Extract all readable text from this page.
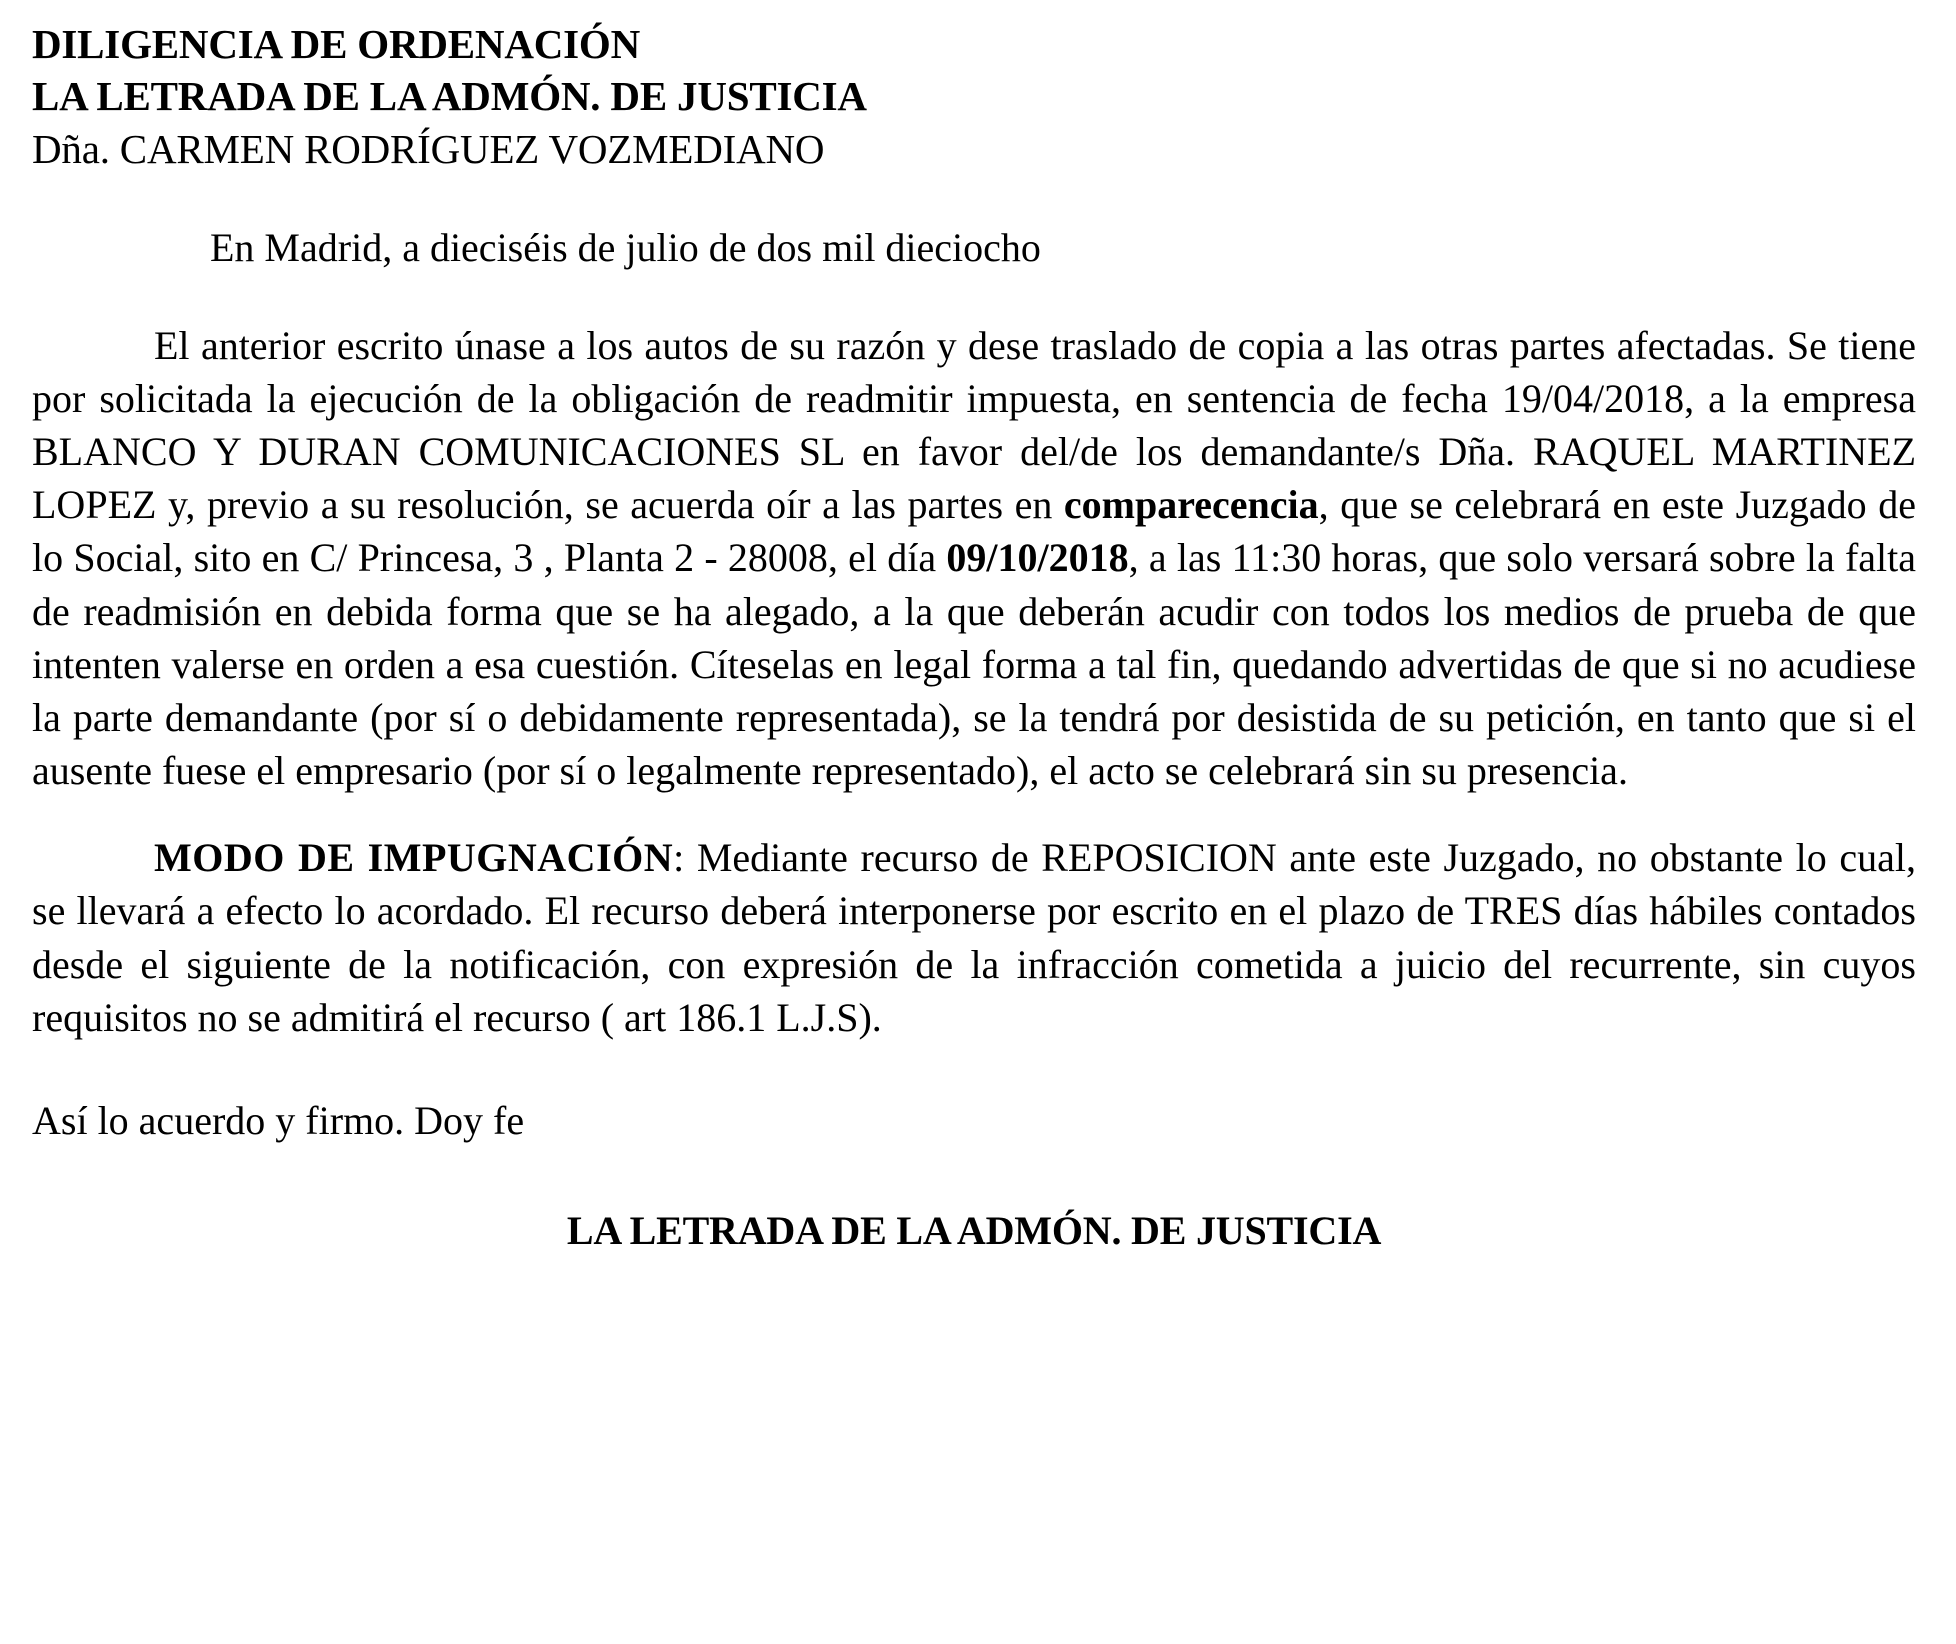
DILIGENCIA DE ORDENACIÓN
LA LETRADA DE LA ADMÓN. DE JUSTICIA
Dña. CARMEN RODRÍGUEZ VOZMEDIANO

En Madrid, a dieciséis de julio de dos mil dieciocho

El anterior escrito únase a los autos de su razón y dese traslado de copia a las otras partes afectadas. Se tiene por solicitada la ejecución de la obligación de readmitir impuesta, en sentencia de fecha 19/04/2018, a la empresa BLANCO Y DURAN COMUNICACIONES SL en favor del/de los demandante/s Dña. RAQUEL MARTINEZ LOPEZ y, previo a su resolución, se acuerda oír a las partes en comparecencia, que se celebrará en este Juzgado de lo Social, sito en C/ Princesa, 3 , Planta 2 - 28008, el día 09/10/2018, a las 11:30 horas, que solo versará sobre la falta de readmisión en debida forma que se ha alegado, a la que deberán acudir con todos los medios de prueba de que intenten valerse en orden a esa cuestión. Cíteselas en legal forma a tal fin, quedando advertidas de que si no acudiese la parte demandante (por sí o debidamente representada), se la tendrá por desistida de su petición, en tanto que si el ausente fuese el empresario (por sí o legalmente representado), el acto se celebrará sin su presencia.

MODO DE IMPUGNACIÓN: Mediante recurso de REPOSICION ante este Juzgado, no obstante lo cual, se llevará a efecto lo acordado. El recurso deberá interponerse por escrito en el plazo de TRES días hábiles contados desde el siguiente de la notificación, con expresión de la infracción cometida a juicio del recurrente, sin cuyos requisitos no se admitirá el recurso ( art 186.1 L.J.S).

Así lo acuerdo y firmo. Doy fe

LA LETRADA DE LA ADMÓN. DE JUSTICIA
